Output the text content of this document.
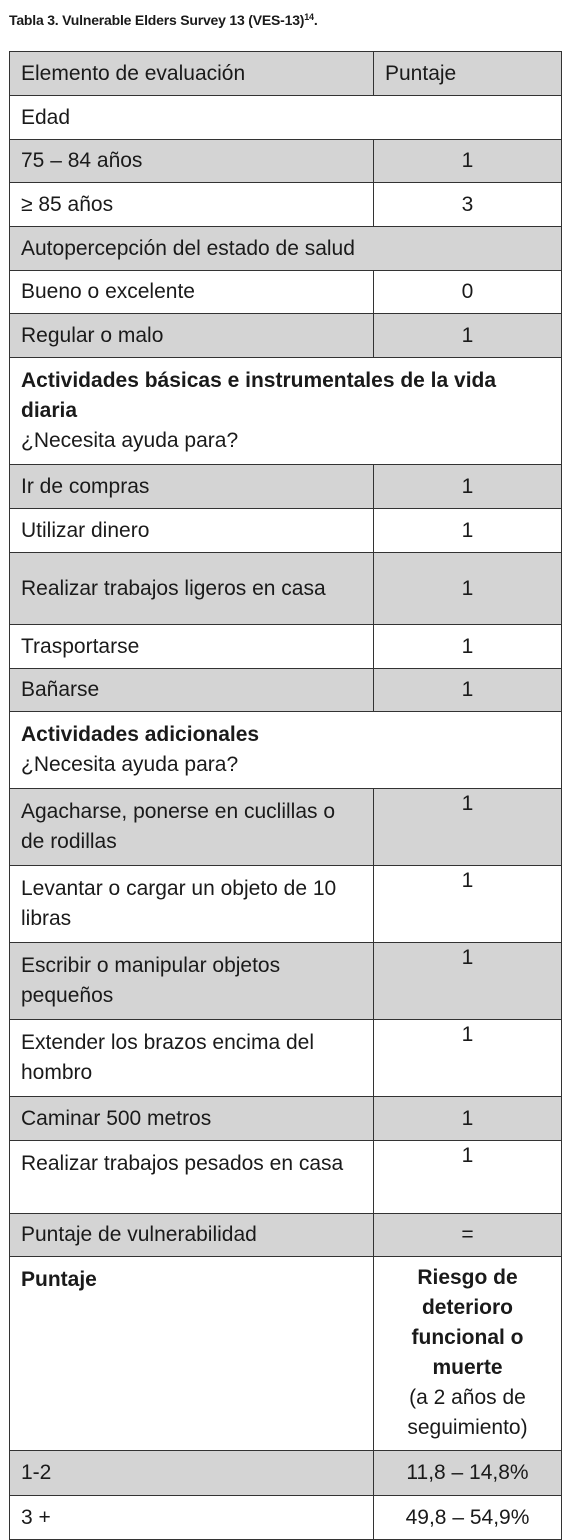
Tabla 3. Vulnerable Elders Survey 13 $(VES-13)^{14}$.
Elemento de evaluación	Puntaje
Edad	
75 – 84 años	1
≥ 85 años	3
Autopercepción del estado de salud	
Bueno o excelente	0
Regular o malo	1

Actividades básicas e instrumentales de la vida diaria
¿Necesita ayuda para?	

Ir de compras	1
Utilizar dinero	1
Realizar trabajos ligeros en casa	1
Trasportarse	1
Bañarse	1

Actividades adicionales
¿Necesita ayuda para?	

Agacharse, ponerse en cuclillas o de rodillas	1
Levantar o cargar un objeto de 10 libras	1
Escribir o manipular objetos pequeños	1
Extender los brazos encima del hombro	1
Caminar 500 metros	1
Realizar trabajos pesados en casa	1
Puntaje de vulnerabilidad	=

Puntaje	Riesgo de deterioro funcional o muerte
(a 2 años de seguimiento)

1-2	11,8 – 14,8%
3 +	49,8 – 54,9%
